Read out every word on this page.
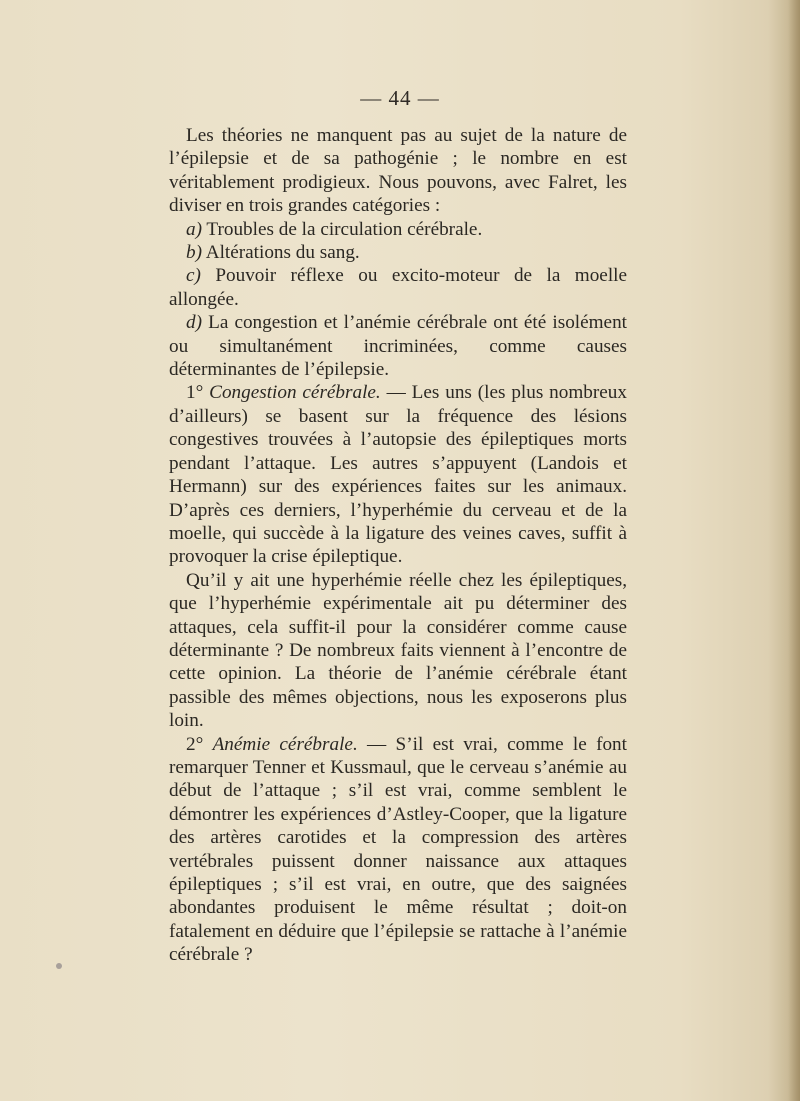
— 44 —

Les théories ne manquent pas au sujet de la nature de l’épilepsie et de sa pathogénie ; le nombre en est véritablement prodigieux. Nous pouvons, avec Falret, les diviser en trois grandes catégories :

a) Troubles de la circulation cérébrale.

b) Altérations du sang.

c) Pouvoir réflexe ou excito-moteur de la moelle allongée.

d) La congestion et l’anémie cérébrale ont été isolément ou simultanément incriminées, comme causes déterminantes de l’épilepsie.

1° Congestion cérébrale. — Les uns (les plus nombreux d’ailleurs) se basent sur la fréquence des lésions congestives trouvées à l’autopsie des épileptiques morts pendant l’attaque. Les autres s’appuyent (Landois et Hermann) sur des expériences faites sur les animaux. D’après ces derniers, l’hyperhémie du cerveau et de la moelle, qui succède à la ligature des veines caves, suffit à provoquer la crise épileptique.

Qu’il y ait une hyperhémie réelle chez les épileptiques, que l’hyperhémie expérimentale ait pu déterminer des attaques, cela suffit-il pour la considérer comme cause déterminante ? De nombreux faits viennent à l’encontre de cette opinion. La théorie de l’anémie cérébrale étant passible des mêmes objections, nous les exposerons plus loin.

2° Anémie cérébrale. — S’il est vrai, comme le font remarquer Tenner et Kussmaul, que le cerveau s’anémie au début de l’attaque ; s’il est vrai, comme semblent le démontrer les expériences d’Astley-Cooper, que la ligature des artères carotides et la compression des artères vertébrales puissent donner naissance aux attaques épileptiques ; s’il est vrai, en outre, que des saignées abondantes produisent le même résultat ; doit-on fatalement en déduire que l’épilepsie se rattache à l’anémie cérébrale ?
